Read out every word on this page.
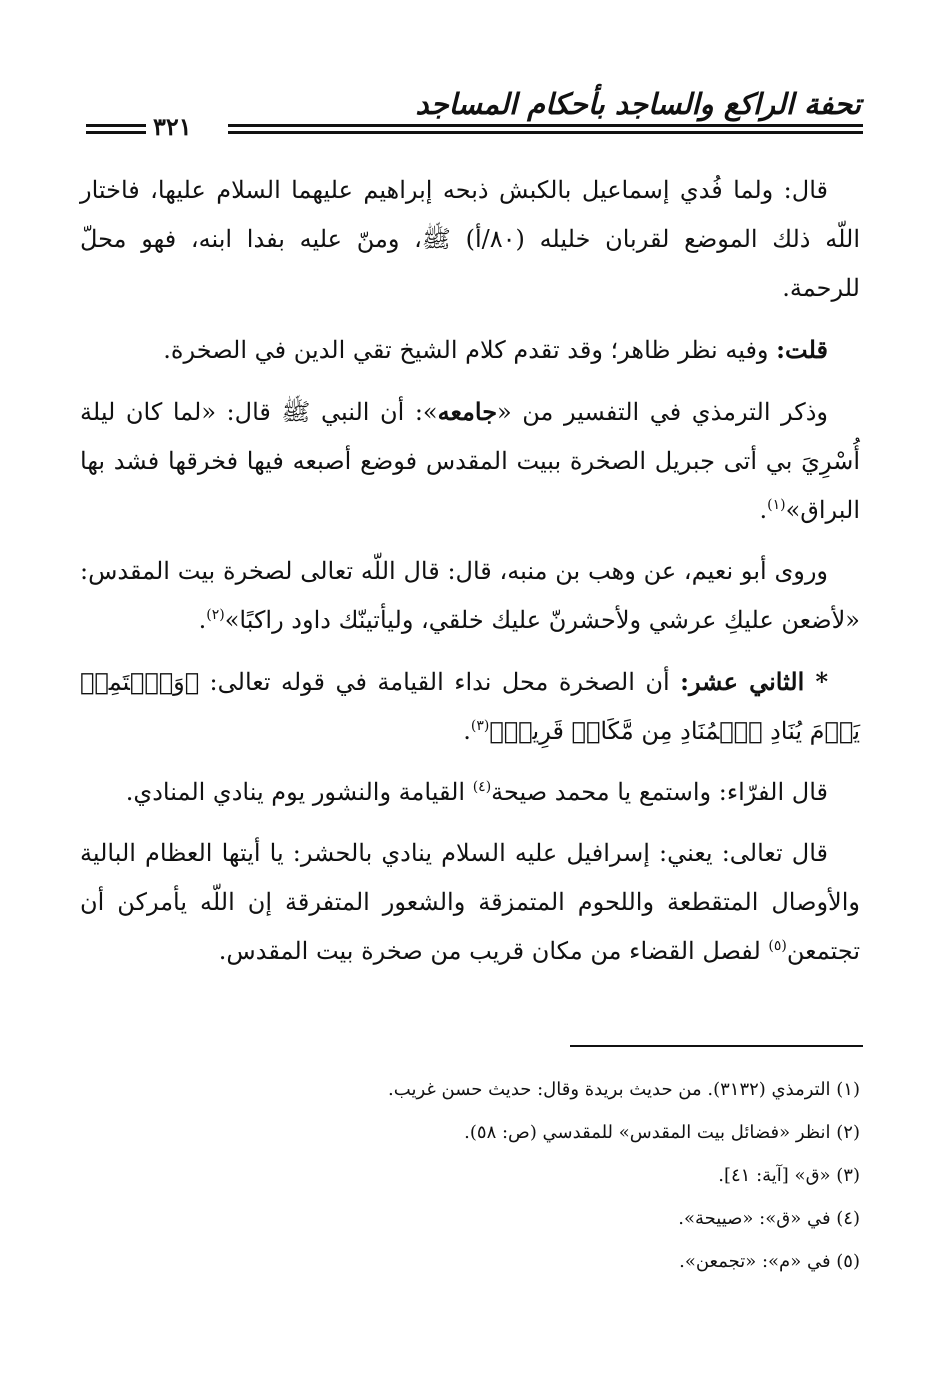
تحفة الراكع والساجد بأحكام المساجد
٣٢١

قال: ولما فُدي إسماعيل بالكبش ذبحه إبراهيم عليهما السلام عليها، فاختار اللّه ذلك الموضع لقربان خليله (٨٠/أ) ﷺ، ومنّ عليه بفدا ابنه، فهو محلّ للرحمة.

قلت: وفيه نظر ظاهر؛ وقد تقدم كلام الشيخ تقي الدين في الصخرة.

وذكر الترمذي في التفسير من «جامعه»: أن النبي ﷺ قال: «لما كان ليلة أُسْرِيَ بي أتى جبريل الصخرة ببيت المقدس فوضع أصبعه فيها فخرقها فشد بها البراق»$^{(١)}$.

وروى أبو نعيم، عن وهب بن منبه، قال: قال اللّه تعالى لصخرة بيت المقدس: «لأضعن عليكِ عرشي ولأحشرنّ عليك خلقي، وليأتينّك داود راكبًا»$^{(٢)}$.

* الثاني عشر: أن الصخرة محل نداء القيامة في قوله تعالى: ﴿وَٱسۡتَمِعۡ يَوۡمَ يُنَادِ ٱلۡمُنَادِ مِن مَّكَانٖ قَرِيبٖ﴾$^{(٣)}$.

قال الفرّاء: واستمع يا محمد صيحة$^{(٤)}$ القيامة والنشور يوم ينادي المنادي.

قال تعالى: يعني: إسرافيل عليه السلام ينادي بالحشر: يا أيتها العظام البالية والأوصال المتقطعة واللحوم المتمزقة والشعور المتفرقة إن اللّه يأمركن أن تجتمعن$^{(٥)}$ لفصل القضاء من مكان قريب من صخرة بيت المقدس.

(١) الترمذي (٣١٣٢). من حديث بريدة وقال: حديث حسن غريب.
(٢) انظر «فضائل بيت المقدس» للمقدسي (ص: ٥٨).
(٣) «ق» [آية: ٤١].
(٤) في «ق»: «صييحة».
(٥) في «م»: «تجمعن».
